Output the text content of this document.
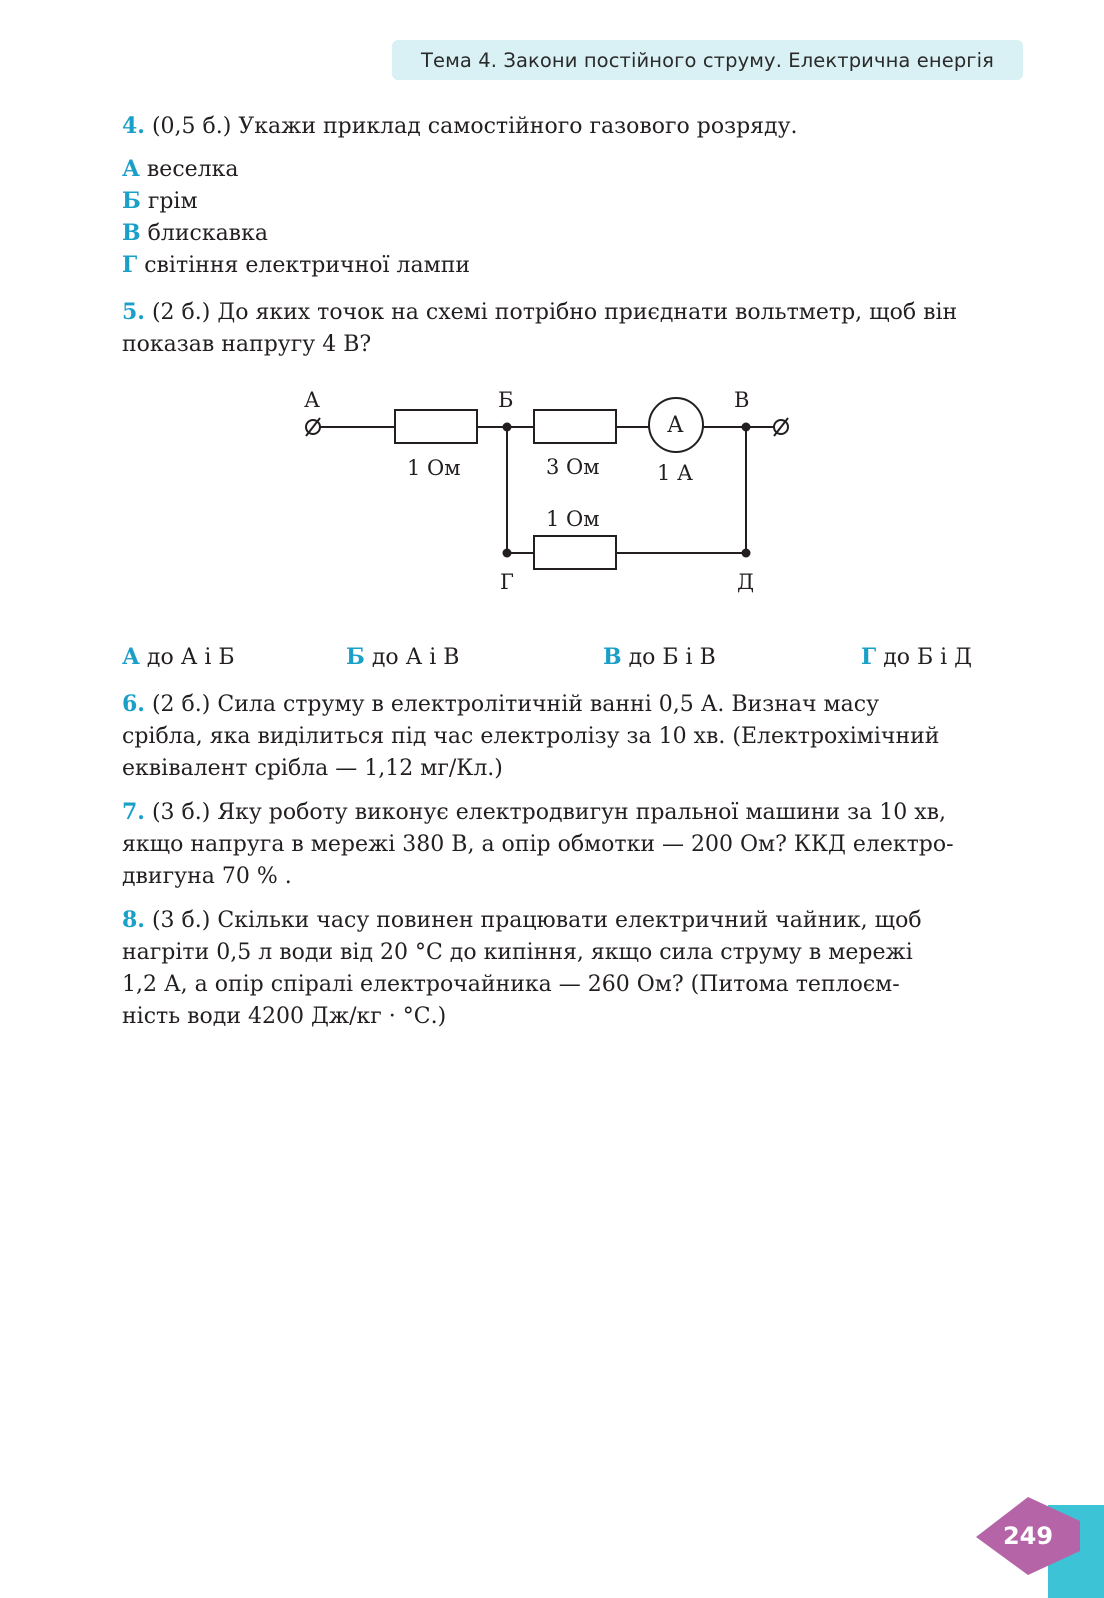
Тема 4. Закони постійного струму. Електрична енергія
4. (0,5 б.) Укажи приклад самостійного газового розряду.
А веселка
Б грім
В блискавка
Г світіння електричної лампи
5. (2 б.) До яких точок на схемі потрібно приєднати вольтметр, щоб він
показав напругу 4 В?
А	Б	В
Г	Д
1 Ом	3 Ом
1 Ом
А
1 А
А до А і Б	Б до А і В	В до Б і В	Г до Б і Д
6. (2 б.) Сила струму в електролітичній ванні 0,5 А. Визнач масу
срібла, яка виділиться під час електролізу за 10 хв. (Електрохімічний
еквівалент срібла — 1,12 мг/Кл.)
7. (3 б.) Яку роботу виконує електродвигун пральної машини за 10 хв,
якщо напруга в мережі 380 В, а опір обмотки — 200 Ом? ККД електро-
двигуна 70 % .
8. (3 б.) Скільки часу повинен працювати електричний чайник, щоб
нагріти 0,5 л води від 20 °С до кипіння, якщо сила струму в мережі
1,2 А, а опір спіралі електрочайника — 260 Ом? (Питома теплоєм-
ність води 4200 Дж/кг · °С.)
249
